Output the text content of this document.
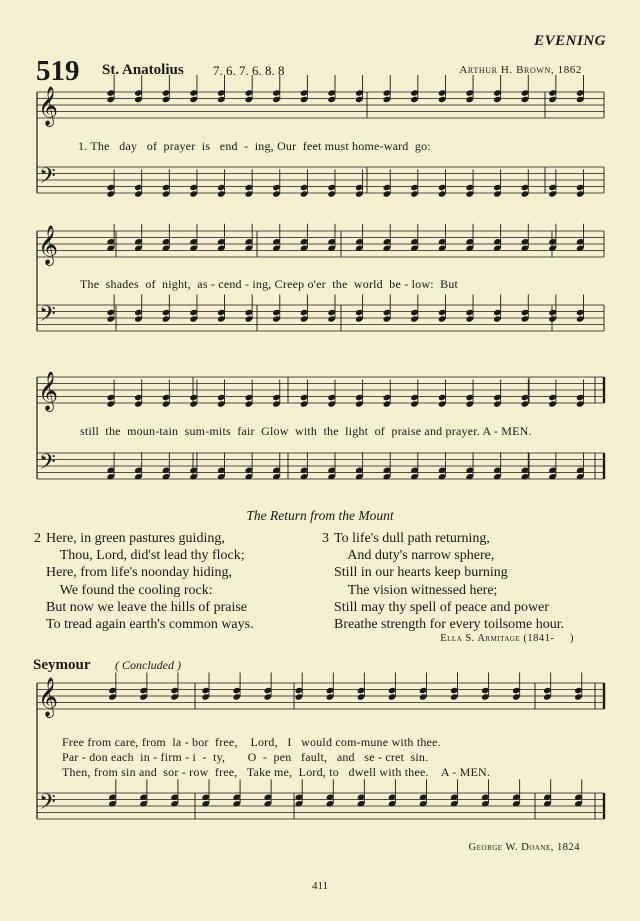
EVENING
519 St. Anatolius 7. 6. 7. 6. 8. 8	Arthur H. Brown, 1862
𝄞
𝄢
𝄞
𝄢
𝄞
𝄢
𝄞
𝄢
1. The   day   of  prayer  is   end  -  ing, Our  feet must home-ward  go:
The  shades  of  night,  as - cend - ing, Creep o'er  the  world  be - low:  But
still  the  moun-tain  sum-mits  fair  Glow  with  the  light  of  praise and prayer. A - MEN.
The Return from the Mount
2 Here, in green pastures guiding,
Thou, Lord, did'st lead thy flock;
Here, from life's noonday hiding,
We found the cooling rock:
But now we leave the hills of praise
To tread again earth's common ways.
3 To life's dull path returning,
And duty's narrow sphere,
Still in our hearts keep burning
The vision witnessed here;
Still may thy spell of peace and power
Breathe strength for every toilsome hour.
Ella S. Armitage (1841-     )
Seymour ( Concluded )
Free from care, from  la - bor  free,    Lord,   I   would com-mune with thee.
Par - don each  in - firm - i  -  ty,       O  -  pen   fault,   and   se - cret  sin.
Then, from sin and  sor - row  free,   Take me,  Lord, to   dwell with thee.    A - MEN.
George W. Doane, 1824
411
